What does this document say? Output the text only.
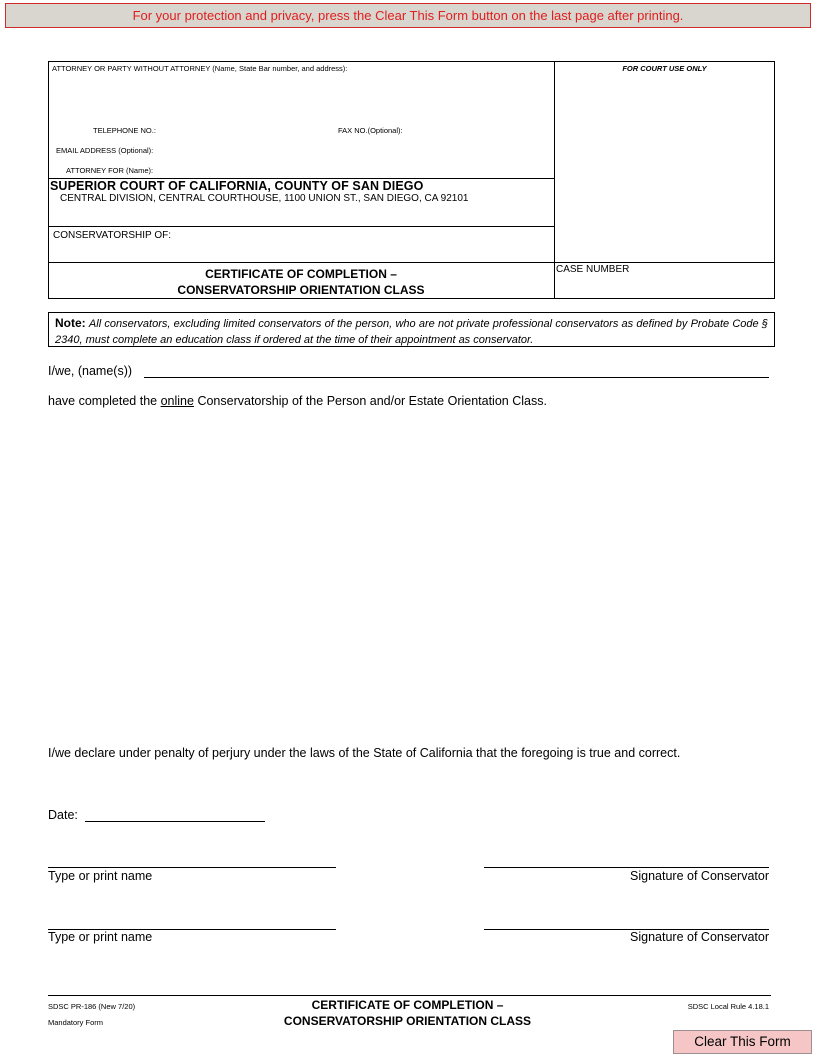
For your protection and privacy, press the Clear This Form button on the last page after printing.
ATTORNEY OR PARTY WITHOUT ATTORNEY (Name, State Bar number, and address):
TELEPHONE NO.:	FAX NO.(Optional):
EMAIL ADDRESS (Optional):
ATTORNEY FOR (Name):
FOR COURT USE ONLY
SUPERIOR COURT OF CALIFORNIA, COUNTY OF SAN DIEGO
CENTRAL DIVISION, CENTRAL COURTHOUSE, 1100 UNION ST., SAN DIEGO, CA 92101
CONSERVATORSHIP OF:
CERTIFICATE OF COMPLETION –
CONSERVATORSHIP ORIENTATION CLASS
CASE NUMBER
Note: All conservators, excluding limited conservators of the person, who are not private professional conservators as defined by Probate Code § 2340, must complete an education class if ordered at the time of their appointment as conservator.
I/we, (name(s))
have completed the online Conservatorship of the Person and/or Estate Orientation Class.
I/we declare under penalty of perjury under the laws of the State of California that the foregoing is true and correct.
Date:
Type or print name	Signature of Conservator
Type or print name	Signature of Conservator
SDSC PR-186 (New 7/20)
Mandatory Form
CERTIFICATE OF COMPLETION –
CONSERVATORSHIP ORIENTATION CLASS
SDSC Local Rule 4.18.1
Clear This Form
